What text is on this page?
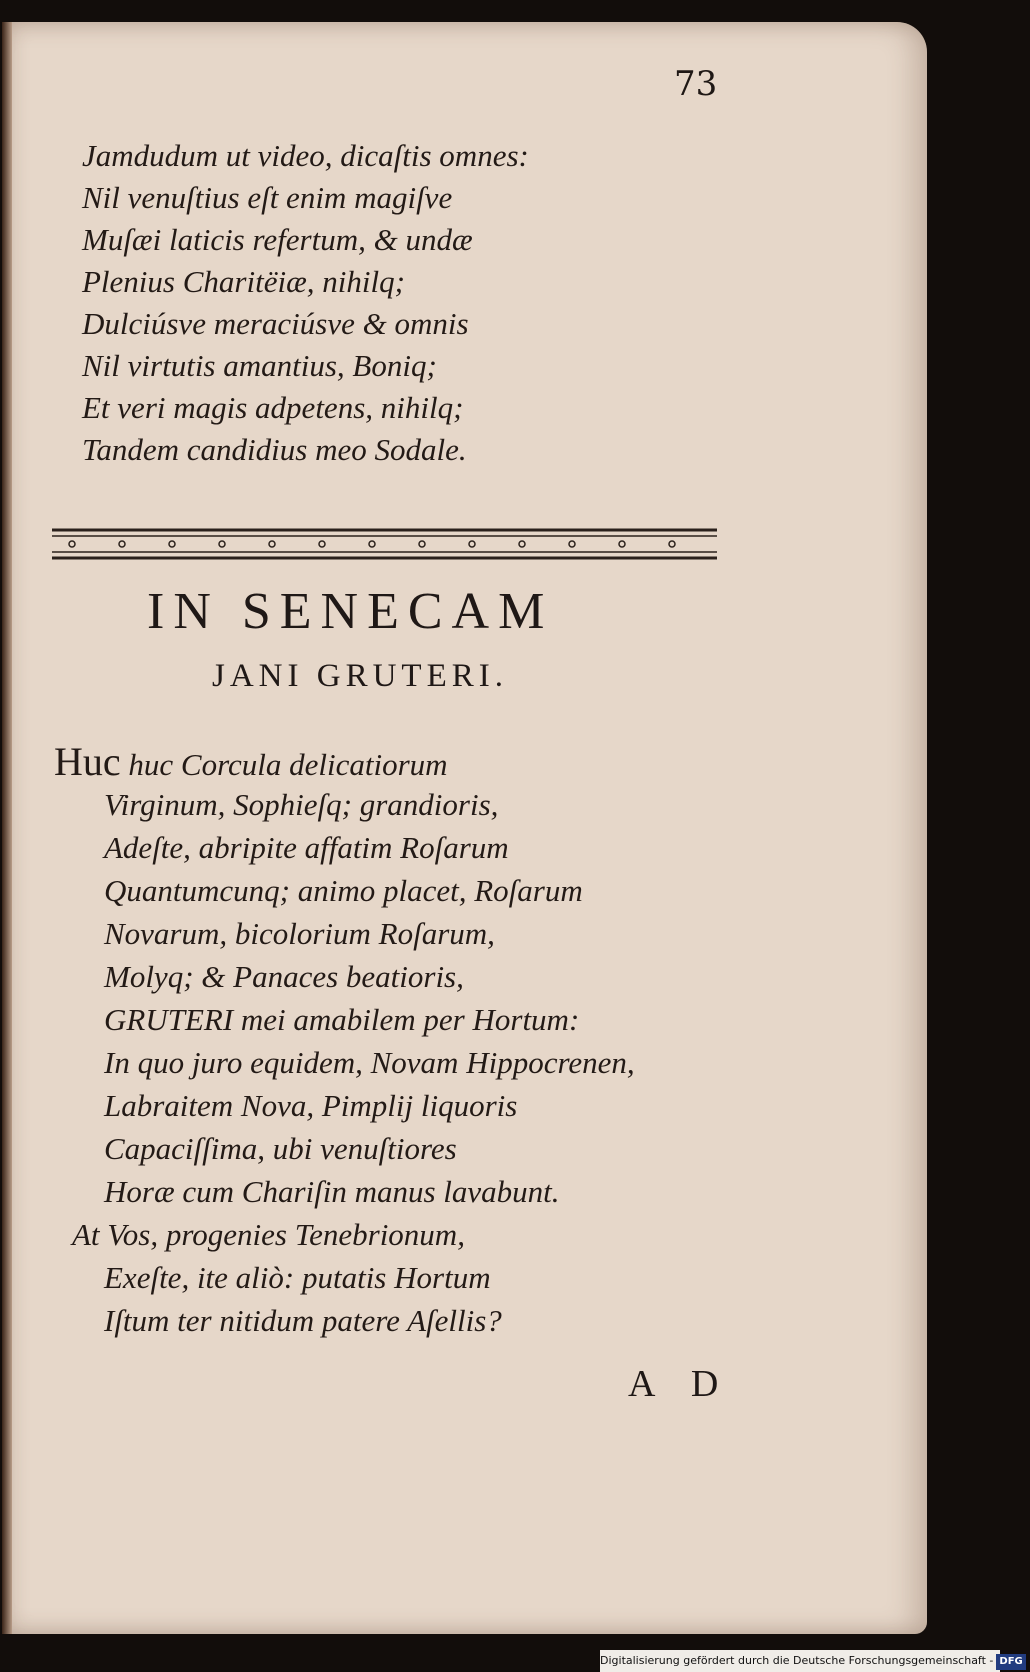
73
Jamdudum ut video, dicaſtis omnes:
Nil venuſtius eſt enim magiſve
Muſæi laticis refertum, & undæ
Plenius Charitëiæ, nihilq;
Dulciúsve meraciúsve & omnis
Nil virtutis amantius, Boniq;
Et veri magis adpetens, nihilq;
Tandem candidius meo Sodale.
IN SENECAM
JANI GRUTERI.
Huc huc Corcula delicatiorum
Virginum, Sophieſq; grandioris,
Adeſte, abripite affatim Roſarum
Quantumcunq; animo placet, Roſarum
Novarum, bicolorium Roſarum,
Molyq; & Panaces beatioris,
GRUTERI mei amabilem per Hortum:
In quo juro equidem, Novam Hippocrenen,
Labraitem Nova, Pimplij liquoris
Capaciſſima, ubi venuſtiores
Horæ cum Chariſin manus lavabunt.
At Vos, progenies Tenebrionum,
Exeſte, ite aliò: putatis Hortum
Iſtum ter nitidum patere Aſellis?
A D
Digitalisierung gefördert durch die Deutsche Forschungsgemeinschaft - DFG
